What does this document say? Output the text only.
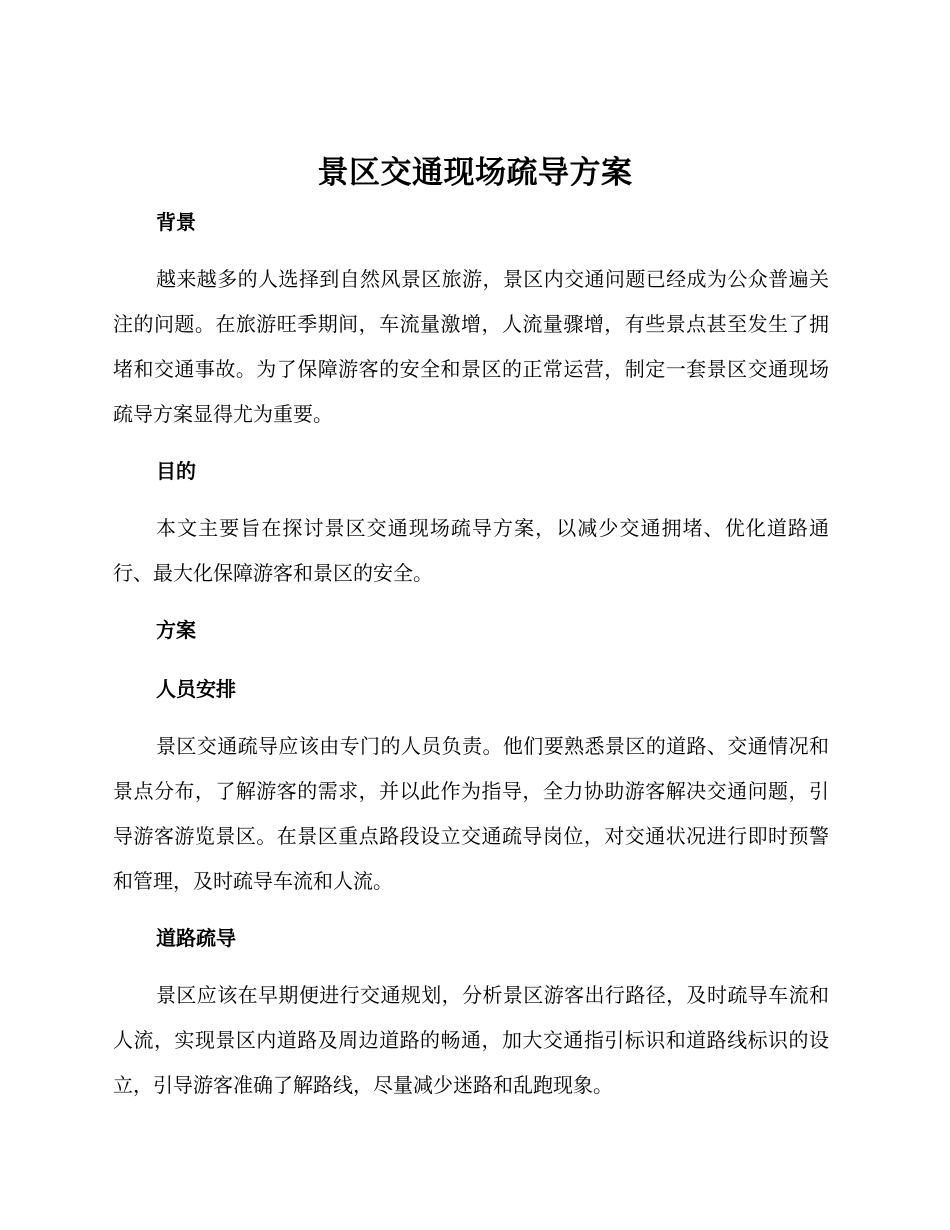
景区交通现场疏导方案
背景
越来越多的人选择到自然风景区旅游，景区内交通问题已经成为公众普遍关注的问题。在旅游旺季期间，车流量激增，人流量骤增，有些景点甚至发生了拥堵和交通事故。为了保障游客的安全和景区的正常运营，制定一套景区交通现场疏导方案显得尤为重要。
目的
本文主要旨在探讨景区交通现场疏导方案，以减少交通拥堵、优化道路通行、最大化保障游客和景区的安全。
方案
人员安排
景区交通疏导应该由专门的人员负责。他们要熟悉景区的道路、交通情况和景点分布，了解游客的需求，并以此作为指导，全力协助游客解决交通问题，引导游客游览景区。在景区重点路段设立交通疏导岗位，对交通状况进行即时预警和管理，及时疏导车流和人流。
道路疏导
景区应该在早期便进行交通规划，分析景区游客出行路径，及时疏导车流和人流，实现景区内道路及周边道路的畅通，加大交通指引标识和道路线标识的设立，引导游客准确了解路线，尽量减少迷路和乱跑现象。
